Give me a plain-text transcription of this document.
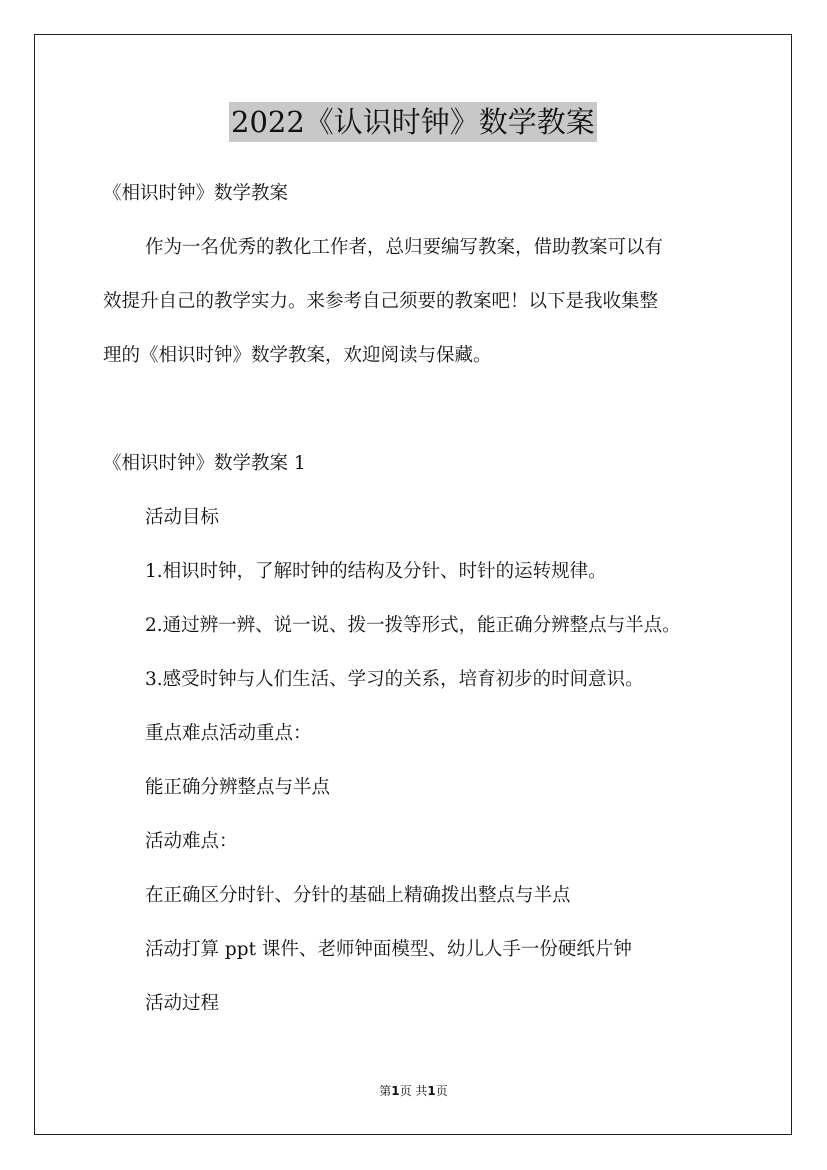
2022《认识时钟》数学教案
《相识时钟》数学教案
作为一名优秀的教化工作者，总归要编写教案，借助教案可以有
效提升自己的教学实力。来参考自己须要的教案吧！以下是我收集整
理的《相识时钟》数学教案，欢迎阅读与保藏。
《相识时钟》数学教案 1
活动目标
1.相识时钟，了解时钟的结构及分针、时针的运转规律。
2.通过辨一辨、说一说、拨一拨等形式，能正确分辨整点与半点。
3.感受时钟与人们生活、学习的关系，培育初步的时间意识。
重点难点活动重点：
能正确分辨整点与半点
活动难点：
在正确区分时针、分针的基础上精确拨出整点与半点
活动打算 ppt 课件、老师钟面模型、幼儿人手一份硬纸片钟
活动过程
第1页 共1页
